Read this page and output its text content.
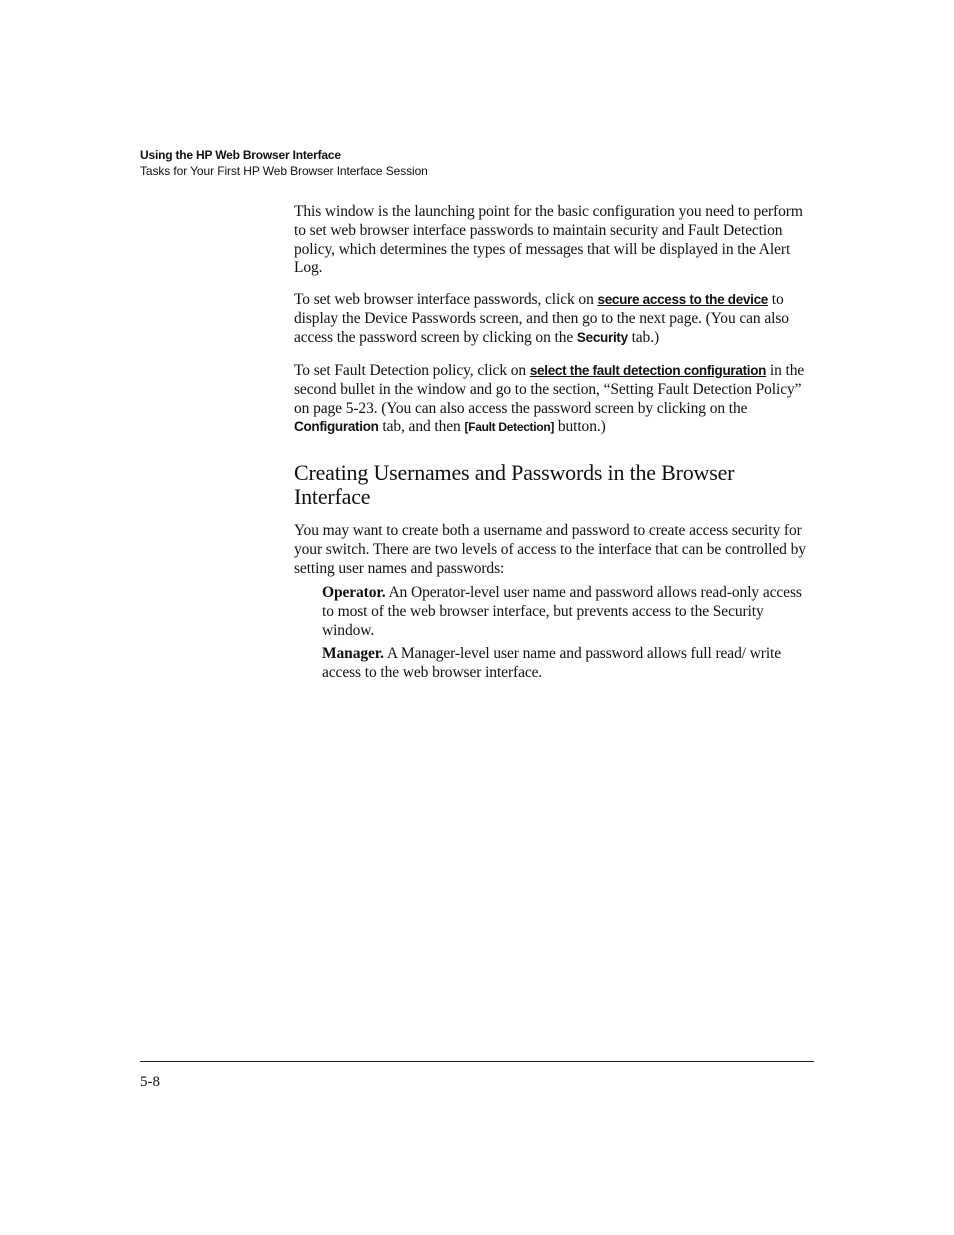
Using the HP Web Browser Interface
Tasks for Your First HP Web Browser Interface Session

This window is the launching point for the basic configuration you need to perform to set web browser interface passwords to maintain security and Fault Detection policy, which determines the types of messages that will be displayed in the Alert Log.

To set web browser interface passwords, click on secure access to the device to display the Device Passwords screen, and then go to the next page. (You can also access the password screen by clicking on the Security tab.)

To set Fault Detection policy, click on select the fault detection configuration in the second bullet in the window and go to the section, “Setting Fault Detection Policy” on page 5-23. (You can also access the password screen by clicking on the Configuration tab, and then [Fault Detection] button.)

Creating Usernames and Passwords in the Browser Interface

You may want to create both a username and password to create access security for your switch. There are two levels of access to the interface that can be controlled by setting user names and passwords:

Operator. An Operator-level user name and password allows read-only access to most of the web browser interface, but prevents access to the Security window.

Manager. A Manager-level user name and password allows full read/ write access to the web browser interface.

5-8
